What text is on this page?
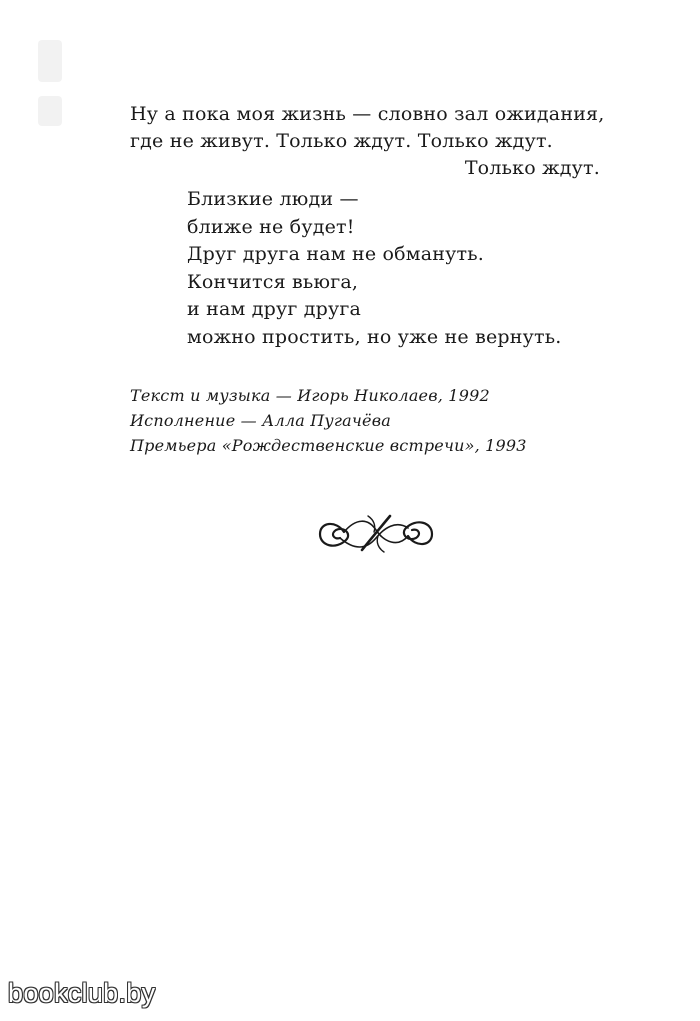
Ну а пока моя жизнь — словно зал ожидания,
где не живут. Только ждут. Только ждут.
Только ждут.
Близкие люди —
ближе не будет!
Друг друга нам не обмануть.
Кончится вьюга,
и нам друг друга
можно простить, но уже не вернуть.
Текст и музыка — Игорь Николаев, 1992
Исполнение — Алла Пугачёва
Премьера «Рождественские встречи», 1993
bookclub.by
